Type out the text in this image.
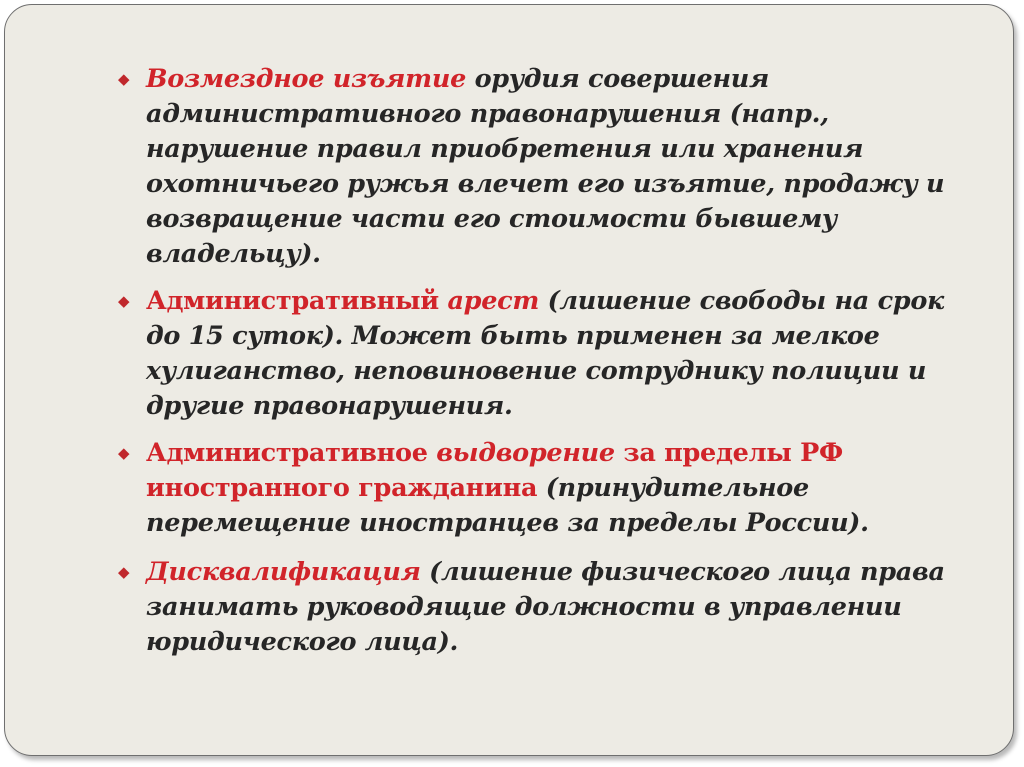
◆ Возмездное изъятие орудия совершения административного правонарушения (напр., нарушение правил приобретения или хранения охотничьего ружья влечет его изъятие, продажу и возвращение части его стоимости бывшему владельцу).
◆ Административный арест (лишение свободы на срок до 15 суток). Может быть применен за мелкое хулиганство, неповиновение сотруднику полиции и другие правонарушения.
◆ Административное выдворение за пределы РФ иностранного гражданина (принудительное перемещение иностранцев за пределы России).
◆ Дисквалификация (лишение физического лица права занимать руководящие должности в управлении юридического лица).
